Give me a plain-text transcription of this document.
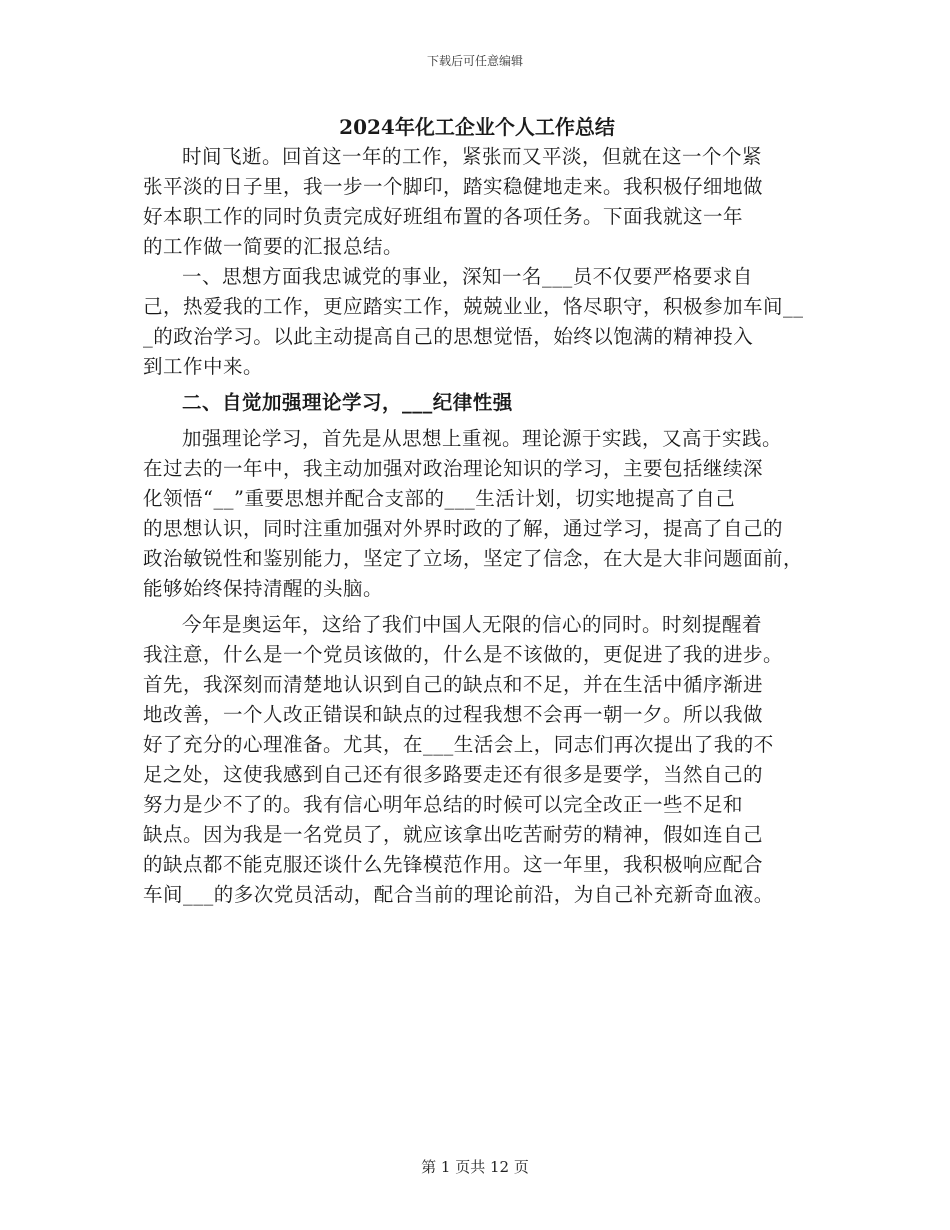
下载后可任意编辑
2024年化工企业个人工作总结

时间飞逝。回首这一年的工作，紧张而又平淡，但就在这一个个紧
张平淡的日子里，我一步一个脚印，踏实稳健地走来。我积极仔细地做
好本职工作的同时负责完成好班组布置的各项任务。下面我就这一年
的工作做一简要的汇报总结。

一、思想方面我忠诚党的事业，深知一名___员不仅要严格要求自
己，热爱我的工作，更应踏实工作，兢兢业业，恪尽职守，积极参加车间__
_的政治学习。以此主动提高自己的思想觉悟，始终以饱满的精神投入
到工作中来。

二、自觉加强理论学习，___纪律性强

加强理论学习，首先是从思想上重视。理论源于实践，又高于实践。
在过去的一年中，我主动加强对政治理论知识的学习，主要包括继续深
化领悟“__”重要思想并配合支部的___生活计划，切实地提高了自己
的思想认识，同时注重加强对外界时政的了解，通过学习，提高了自己的
政治敏锐性和鉴别能力，坚定了立场，坚定了信念，在大是大非问题面前，
能够始终保持清醒的头脑。

今年是奥运年，这给了我们中国人无限的信心的同时。时刻提醒着
我注意，什么是一个党员该做的，什么是不该做的，更促进了我的进步。
首先，我深刻而清楚地认识到自己的缺点和不足，并在生活中循序渐进
地改善，一个人改正错误和缺点的过程我想不会再一朝一夕。所以我做
好了充分的心理准备。尤其，在___生活会上，同志们再次提出了我的不
足之处，这使我感到自己还有很多路要走还有很多是要学，当然自己的
努力是少不了的。我有信心明年总结的时候可以完全改正一些不足和
缺点。因为我是一名党员了，就应该拿出吃苦耐劳的精神，假如连自己
的缺点都不能克服还谈什么先锋模范作用。这一年里，我积极响应配合
车间___的多次党员活动，配合当前的理论前沿，为自己补充新奇血液。

第 1 页共 12 页
